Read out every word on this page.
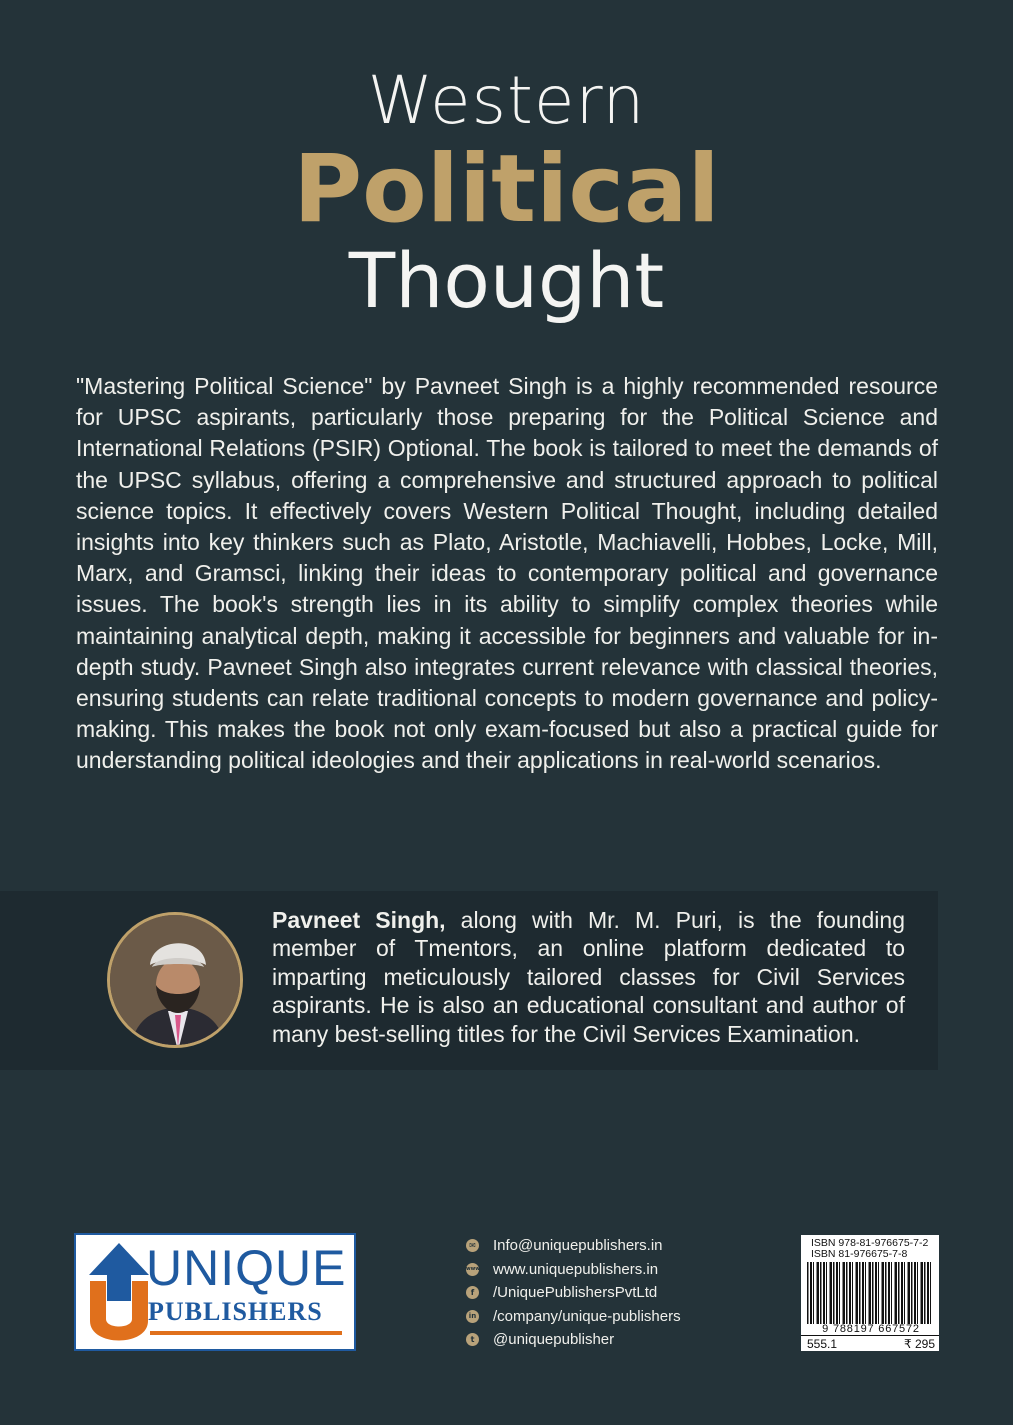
Western
Political
Thought
"Mastering Political Science" by Pavneet Singh is a highly recommended resource for UPSC aspirants, particularly those preparing for the Political Science and International Relations (PSIR) Optional. The book is tailored to meet the demands of the UPSC syllabus, offering a comprehensive and structured approach to political science topics. It effectively covers Western Political Thought, including detailed insights into key thinkers such as Plato, Aristotle, Machiavelli, Hobbes, Locke, Mill, Marx, and Gramsci, linking their ideas to contemporary political and governance issues. The book's strength lies in its ability to simplify complex theories while maintaining analytical depth, making it accessible for beginners and valuable for in-depth study. Pavneet Singh also integrates current relevance with classical theories, ensuring students can relate traditional concepts to modern governance and policy-making. This makes the book not only exam-focused but also a practical guide for understanding political ideologies and their applications in real-world scenarios.
Pavneet Singh, along with Mr. M. Puri, is the founding member of Tmentors, an online platform dedicated to imparting meticulously tailored classes for Civil Services aspirants. He is also an educational consultant and author of many best-selling titles for the Civil Services Examination.
UNIQUE
PUBLISHERS
✉ Info@uniquepublishers.in
www www.uniquepublishers.in
f	/UniquePublishersPvtLtd
in /company/unique-publishers
t	@uniquepublisher
ISBN 978-81-976675-7-2
ISBN 81-976675-7-8
9 788197 667572
555.1	₹ 295
